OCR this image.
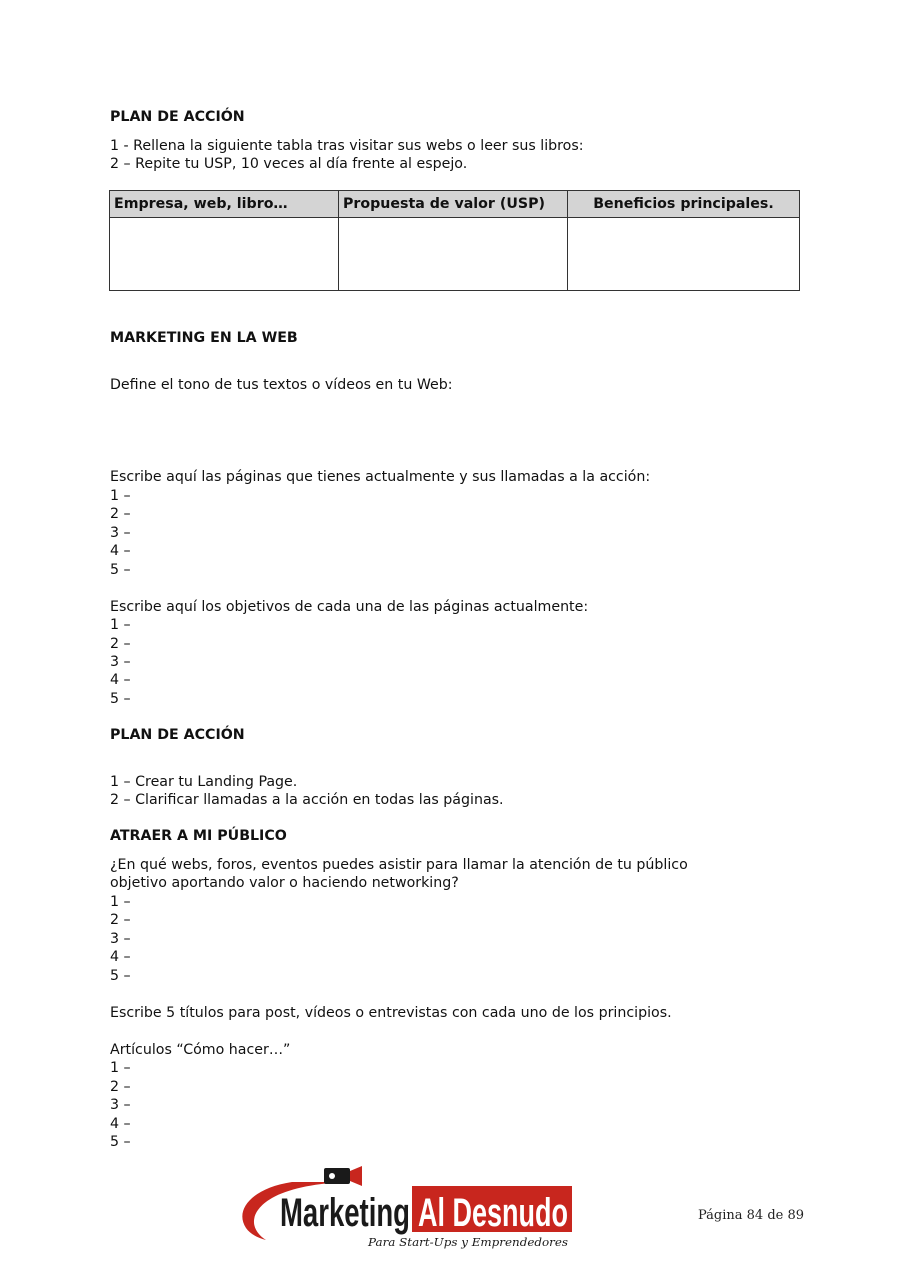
PLAN DE ACCIÓN
1 - Rellena la siguiente tabla tras visitar sus webs o leer sus libros:
2 – Repite tu USP, 10 veces al día frente al espejo.
Empresa, web, libro…	Propuesta de valor (USP)	Beneficios principales.

MARKETING EN LA WEB
Define el tono de tus textos o vídeos en tu Web:
Escribe aquí las páginas que tienes actualmente y sus llamadas a la acción:
1 –
2 –
3 –
4 –
5 –
Escribe aquí los objetivos de cada una de las páginas actualmente:
1 –
2 –
3 –
4 –
5 –
PLAN DE ACCIÓN
1 – Crear tu Landing Page.
2 – Clarificar llamadas a la acción en todas las páginas.
ATRAER A MI PÚBLICO
¿En qué webs, foros, eventos puedes asistir para llamar la atención de tu público
objetivo aportando valor o haciendo networking?
1 –
2 –
3 –
4 –
5 –
Escribe 5 títulos para post, vídeos o entrevistas con cada uno de los principios.
Artículos “Cómo hacer…”
1 –
2 –
3 –
4 –
5 –
Marketing Al Desnudo
Para Start-Ups y Emprendedores
Página 84 de 89
